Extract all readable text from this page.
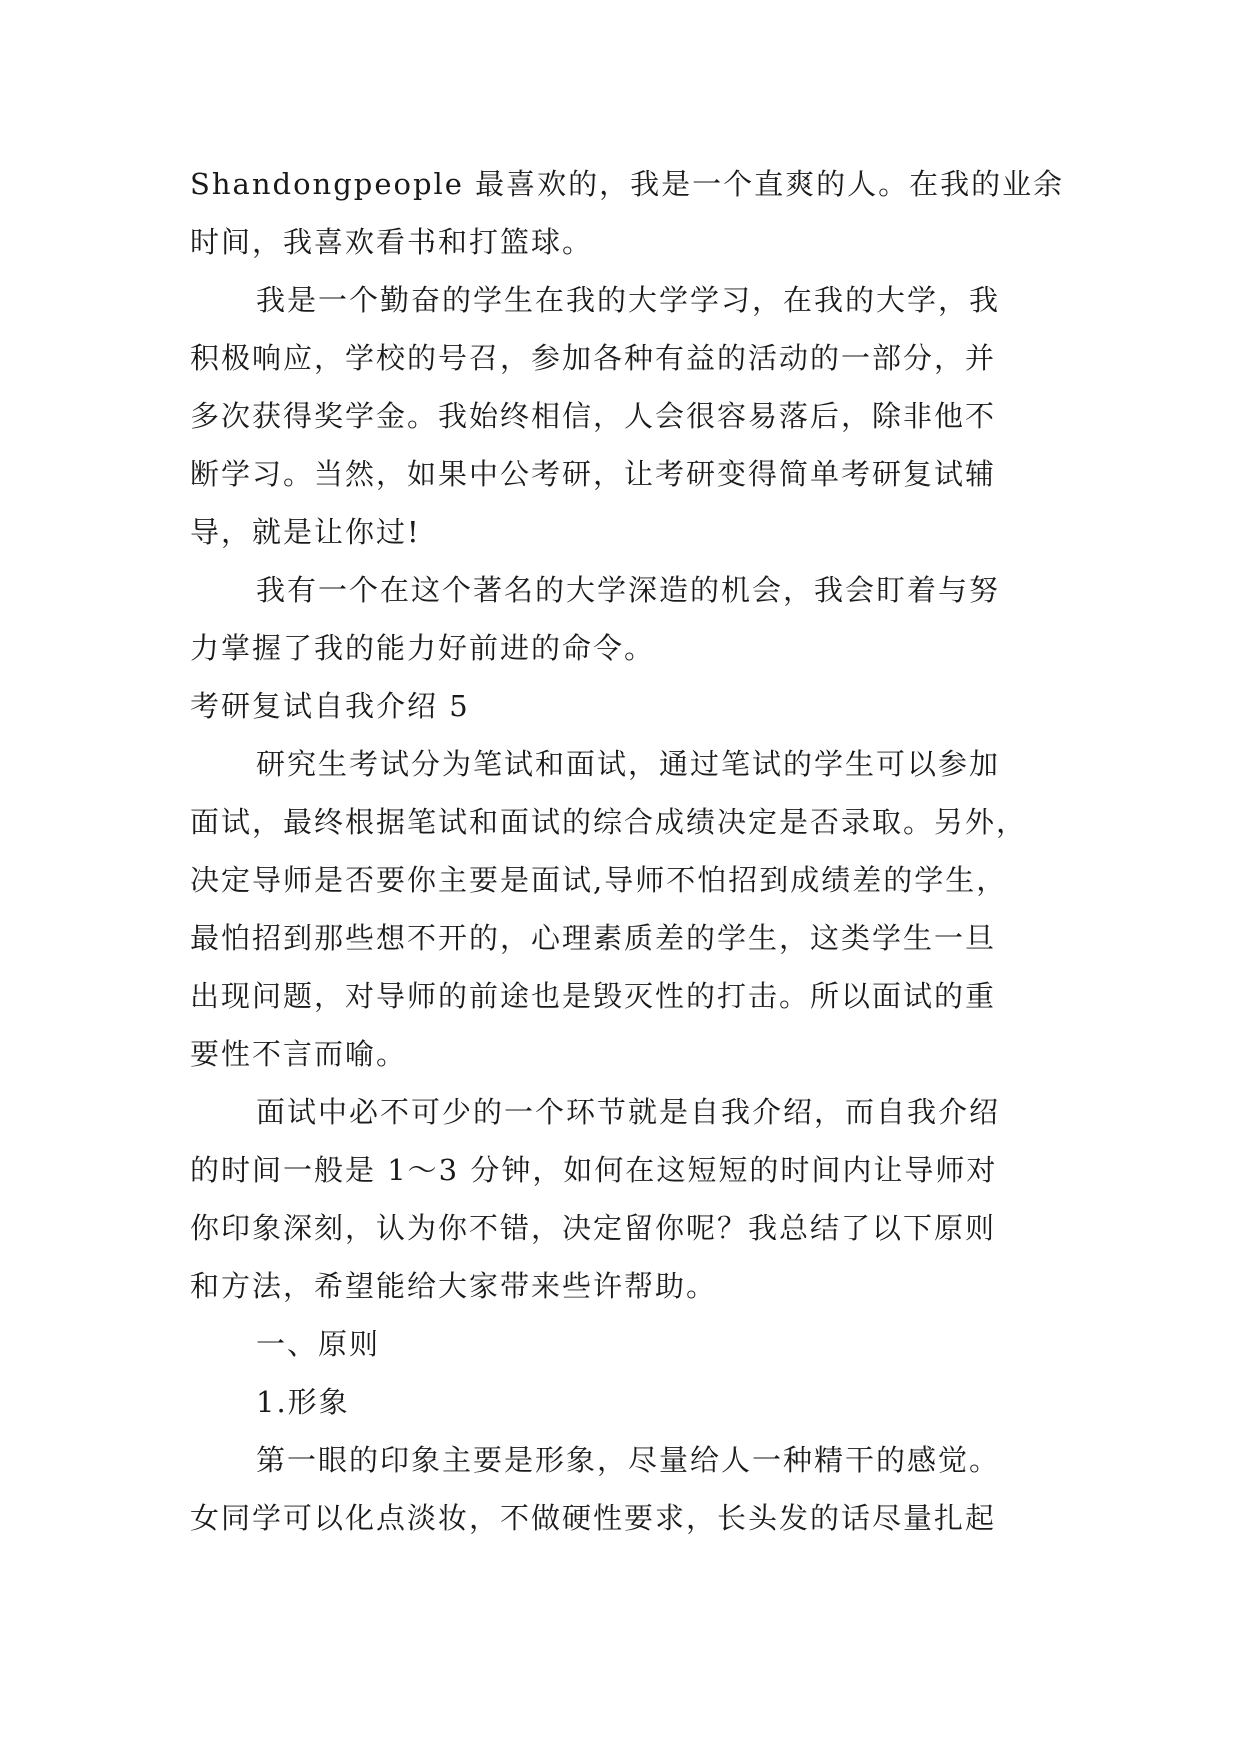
Shandongpeople 最喜欢的，我是一个直爽的人。在我的业余
时间，我喜欢看书和打篮球。
我是一个勤奋的学生在我的大学学习，在我的大学，我
积极响应，学校的号召，参加各种有益的活动的一部分，并
多次获得奖学金。我始终相信，人会很容易落后，除非他不
断学习。当然，如果中公考研，让考研变得简单考研复试辅
导，就是让你过!
我有一个在这个著名的大学深造的机会，我会盯着与努
力掌握了我的能力好前进的命令。
考研复试自我介绍 5
研究生考试分为笔试和面试，通过笔试的学生可以参加
面试，最终根据笔试和面试的综合成绩决定是否录取。另外，
决定导师是否要你主要是面试,导师不怕招到成绩差的学生，
最怕招到那些想不开的，心理素质差的学生，这类学生一旦
出现问题，对导师的前途也是毁灭性的打击。所以面试的重
要性不言而喻。
面试中必不可少的一个环节就是自我介绍，而自我介绍
的时间一般是 1～3 分钟，如何在这短短的时间内让导师对
你印象深刻，认为你不错，决定留你呢？我总结了以下原则
和方法，希望能给大家带来些许帮助。
一、原则
1.形象
第一眼的印象主要是形象，尽量给人一种精干的感觉。
女同学可以化点淡妆，不做硬性要求，长头发的话尽量扎起
